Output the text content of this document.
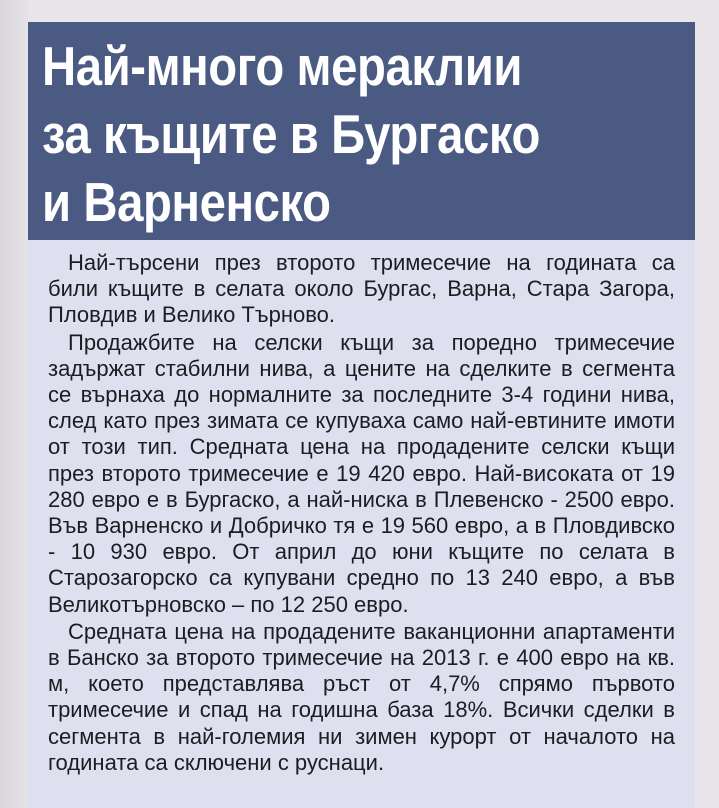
Най-много мераклии
за къщите в Бургаско
и Варненско

Най-търсени през второто тримесечие на годината са били къщите в селата около Бургас, Варна, Стара Загора, Пловдив и Велико Търново.

Продажбите на селски къщи за поредно тримесечие задържат стабилни нива, а цените на сделките в сегмента се върнаха до нормалните за последните 3-4 години нива, след като през зимата се купуваха само най-евтините имоти от този тип. Средната цена на продадените селски къщи през второто тримесечие е 19 420 евро. Най-високата от 19 280 евро е в Бургаско, а най-ниска в Плевенско - 2500 евро. Във Варненско и Добричко тя е 19 560 евро, а в Пловдивско - 10 930 евро. От април до юни къщите по селата в Старозагорско са купувани средно по 13 240 евро, а във Великотърновско – по 12 250 евро.

Средната цена на продадените ваканционни апартаменти в Банско за второто тримесечие на 2013 г. е 400 евро на кв. м, което представлява ръст от 4,7% спрямо първото тримесечие и спад на годишна база 18%. Всички сделки в сегмента в най-големия ни зимен курорт от началото на годината са сключени с руснаци.
